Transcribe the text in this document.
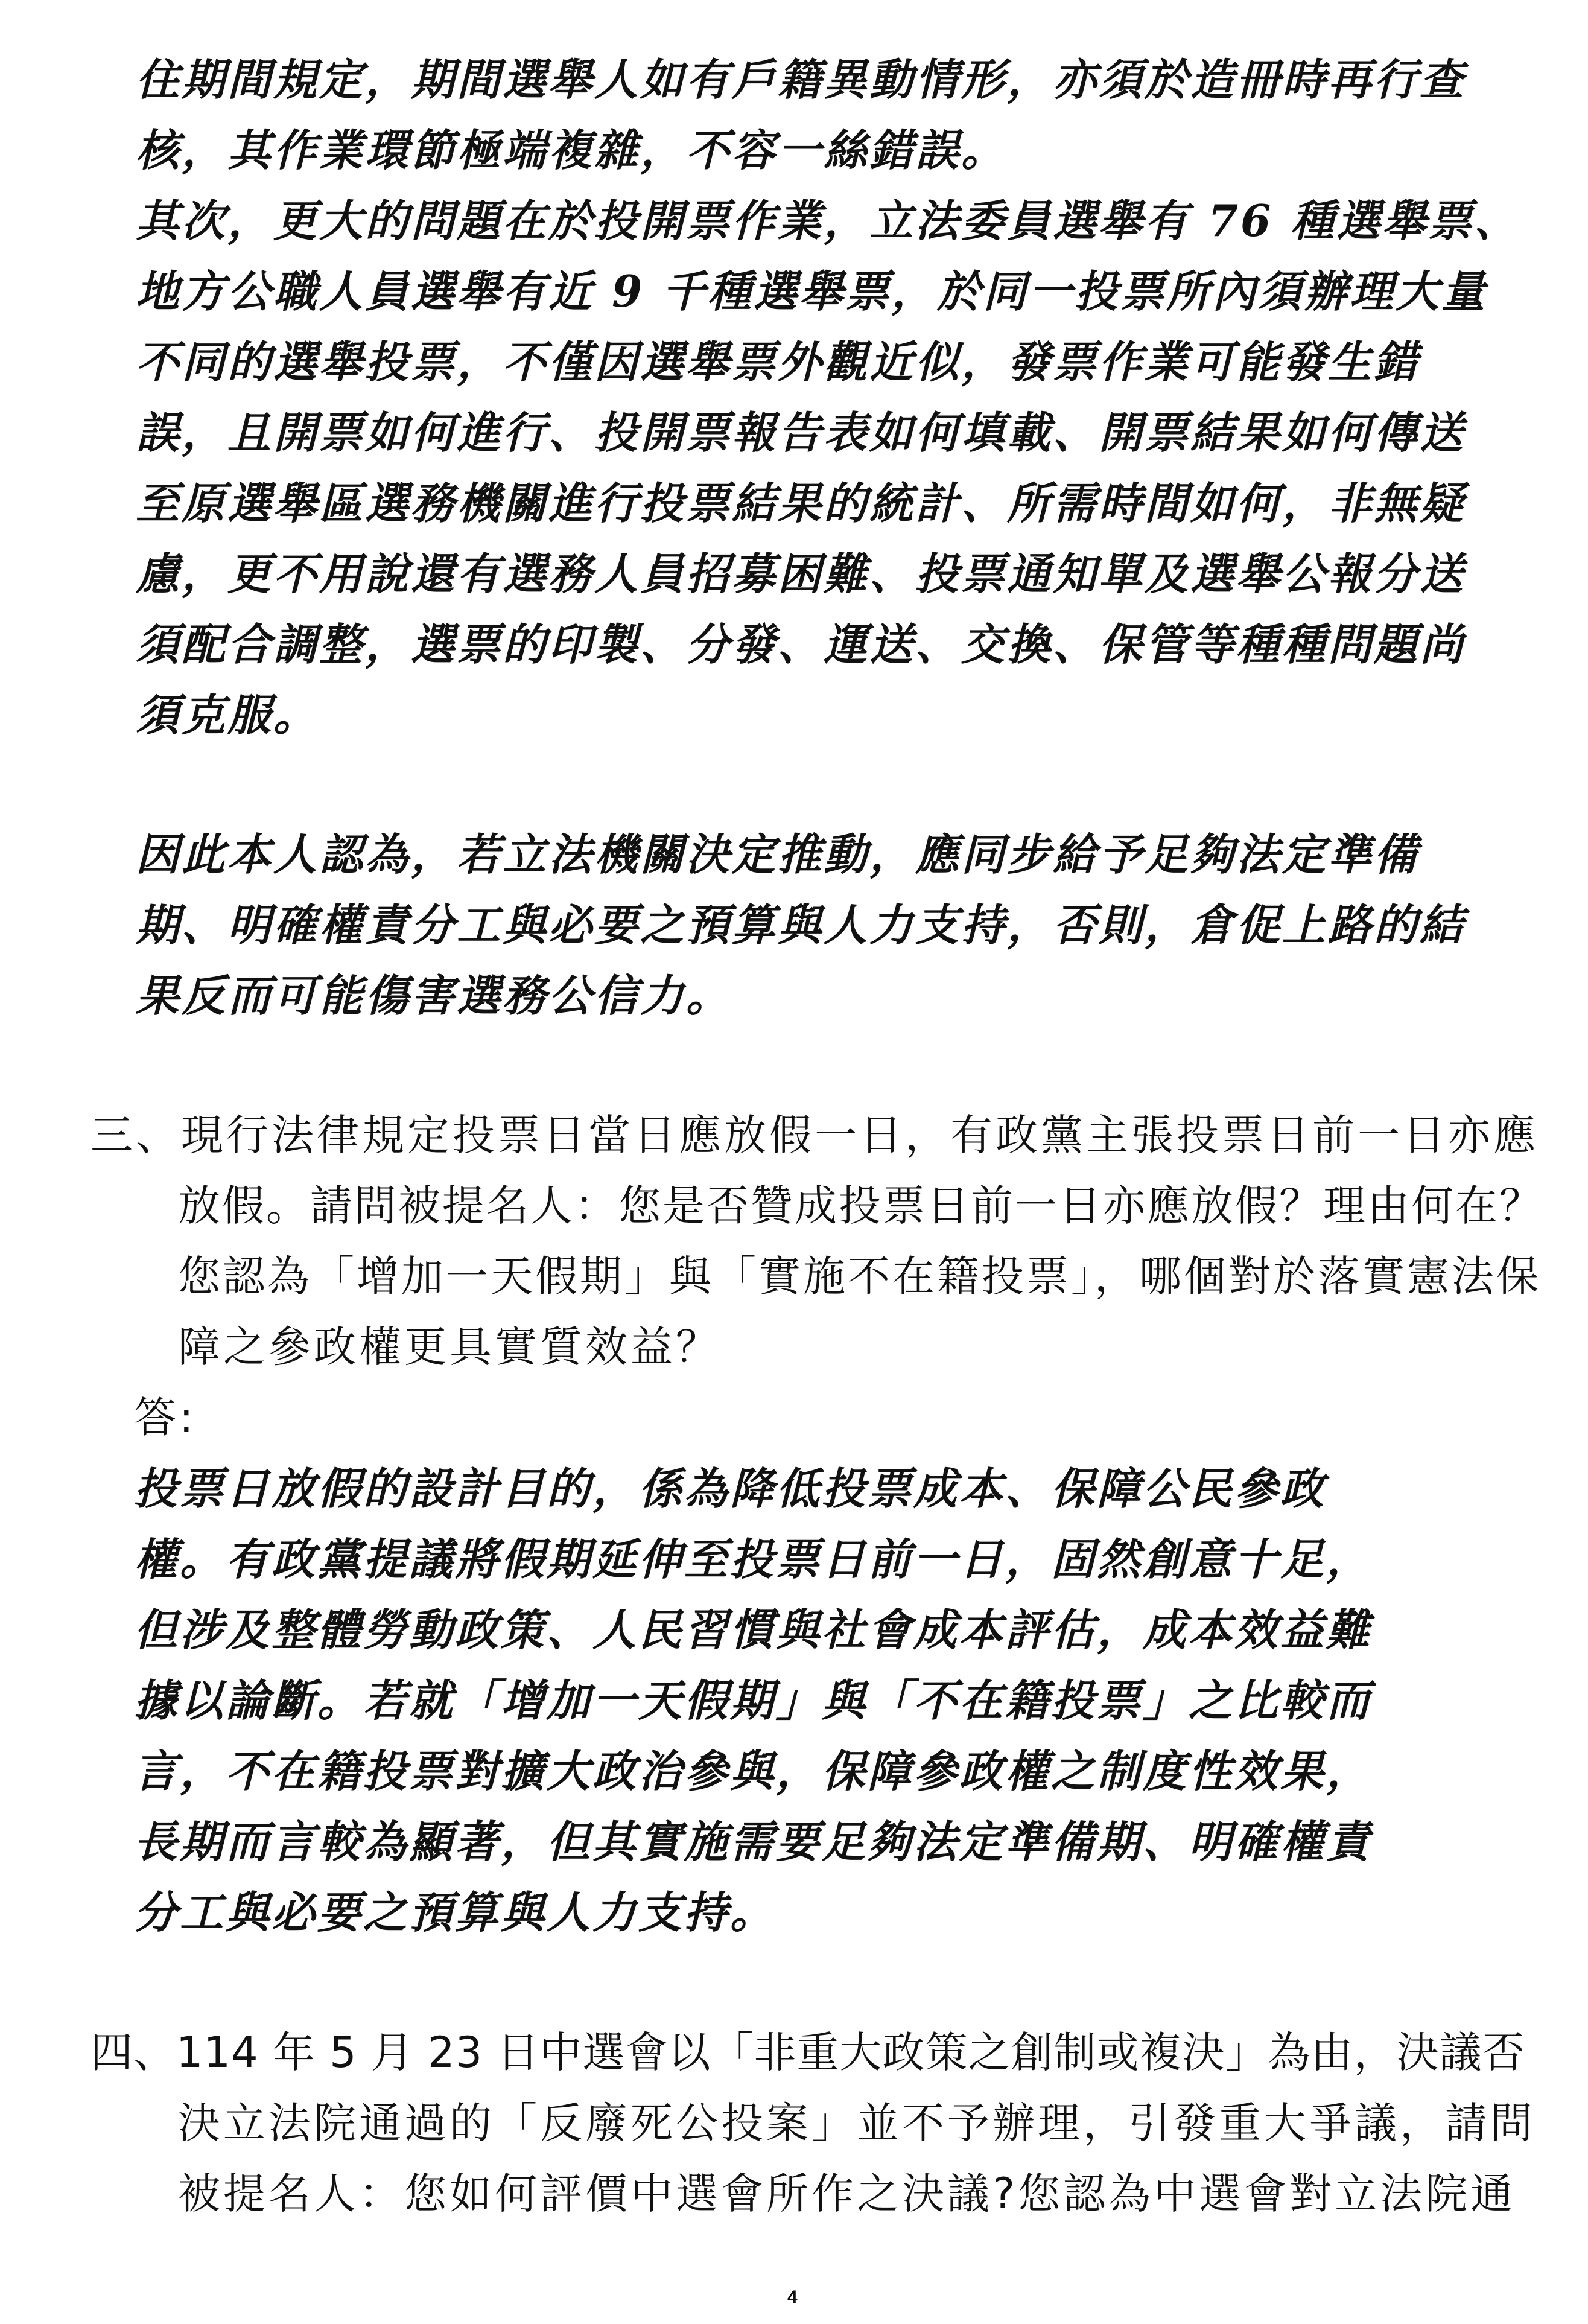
住期間規定，期間選舉人如有戶籍異動情形，亦須於造冊時再行查
核，其作業環節極端複雜，不容一絲錯誤。
其次，更大的問題在於投開票作業，立法委員選舉有 76 種選舉票、
地方公職人員選舉有近 9 千種選舉票，於同一投票所內須辦理大量
不同的選舉投票，不僅因選舉票外觀近似，發票作業可能發生錯
誤，且開票如何進行、投開票報告表如何填載、開票結果如何傳送
至原選舉區選務機關進行投票結果的統計、所需時間如何，非無疑
慮，更不用說還有選務人員招募困難、投票通知單及選舉公報分送
須配合調整，選票的印製、分發、運送、交換、保管等種種問題尚
須克服。
因此本人認為，若立法機關決定推動，應同步給予足夠法定準備
期、明確權責分工與必要之預算與人力支持，否則，倉促上路的結
果反而可能傷害選務公信力。
三、現行法律規定投票日當日應放假一日，有政黨主張投票日前一日亦應
放假。請問被提名人：您是否贊成投票日前一日亦應放假？理由何在？
您認為「增加一天假期」與「實施不在籍投票」，哪個對於落實憲法保
障之參政權更具實質效益？
答:
投票日放假的設計目的，係為降低投票成本、保障公民參政
權。有政黨提議將假期延伸至投票日前一日，固然創意十足，
但涉及整體勞動政策、人民習慣與社會成本評估，成本效益難
據以論斷。若就「增加一天假期」與「不在籍投票」之比較而
言，不在籍投票對擴大政治參與，保障參政權之制度性效果，
長期而言較為顯著，但其實施需要足夠法定準備期、明確權責
分工與必要之預算與人力支持。
四、114 年 5 月 23 日中選會以「非重大政策之創制或複決」為由，決議否
決立法院通過的「反廢死公投案」並不予辦理，引發重大爭議，請問
被提名人：您如何評價中選會所作之決議?您認為中選會對立法院通
4
